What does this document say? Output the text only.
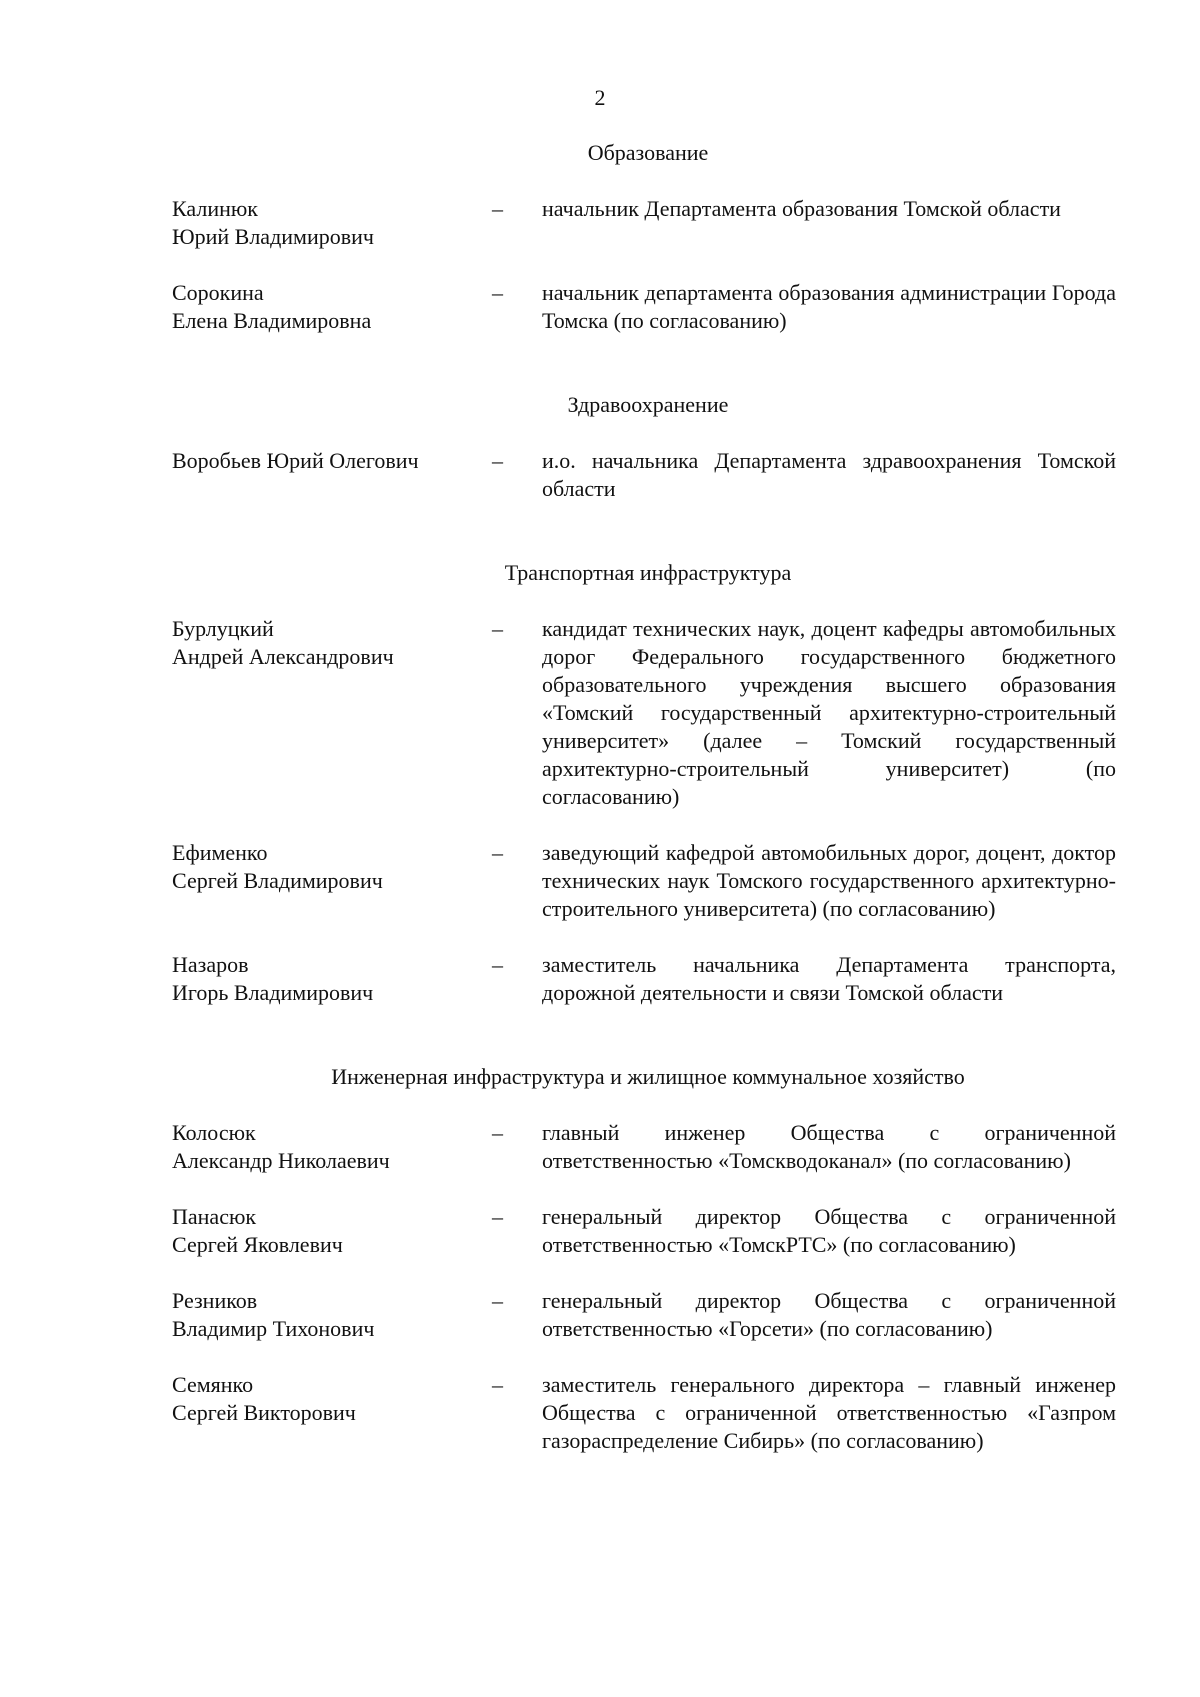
2

Образование

Калинюк
Юрий Владимирович
–	начальник Департамента образования Томской области
Сорокина
Елена Владимировна
–	начальник департамента образования администрации Города Томска (по согласованию)

Здравоохранение

Воробьев Юрий Олегович	–	и.о. начальника Департамента здравоохранения Томской области

Транспортная инфраструктура

Бурлуцкий
Андрей Александрович
–	кандидат технических наук, доцент кафедры автомобильных дорог Федерального государственного бюджетного образовательного учреждения высшего образования «Томский государственный архитектурно-строительный университет» (далее – Томский государственный архитектурно-строительный университет) (по согласованию)
Ефименко
Сергей Владимирович
–	заведующий кафедрой автомобильных дорог, доцент, доктор технических наук Томского государственного архитектурно-строительного университета) (по согласованию)
Назаров
Игорь Владимирович
–	заместитель начальника Департамента транспорта, дорожной деятельности и связи Томской области

Инженерная инфраструктура и жилищное коммунальное хозяйство

Колосюк
Александр Николаевич
–	главный инженер Общества с ограниченной ответственностью «Томскводоканал» (по согласованию)
Панасюк
Сергей Яковлевич
–	генеральный директор Общества с ограниченной ответственностью «ТомскРТС» (по согласованию)
Резников
Владимир Тихонович
–	генеральный директор Общества с ограниченной ответственностью «Горсети» (по согласованию)
Семянко
Сергей Викторович
–	заместитель генерального директора – главный инженер Общества с ограниченной ответственностью «Газпром газораспределение Сибирь» (по согласованию)
